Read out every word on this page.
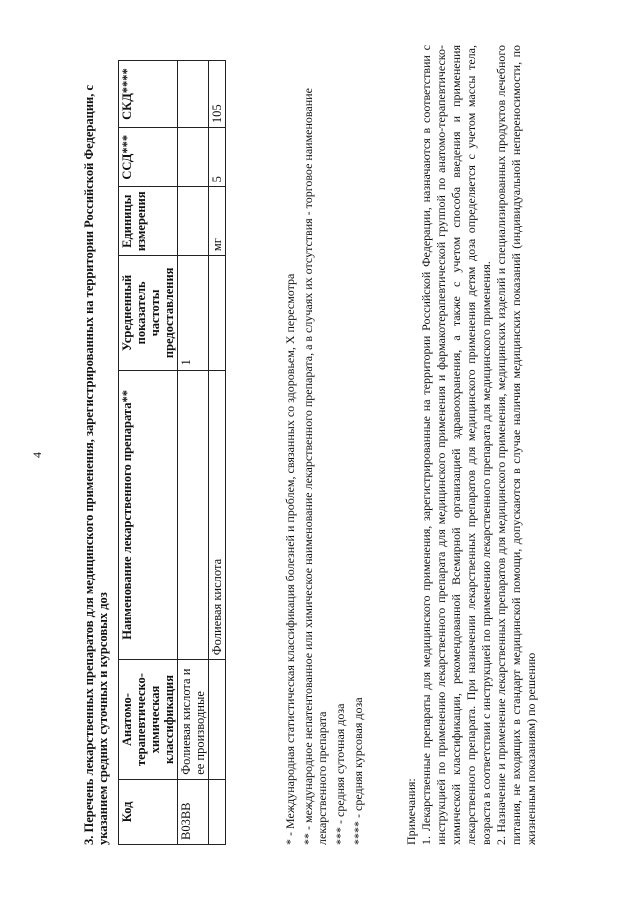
4	3. Перечень лекарственных препаратов для медицинского применения, зарегистрированных на территории Российской Федерации, с указанием средних суточных и курсовых доз Код	Анатомо-терапевтическо-химическая классификация	Наименование лекарственного препарата**	Усредненный показатель частоты предоставления	Единицы измерения	ССД***	СКД****
B03BB	Фолиевая кислота и ее производные		1			
		Фолиевая кислота		мг	5	105
* - Международная статистическая классификация болезней и проблем, связанных со здоровьем, X пересмотра ** - международное непатентованное или химическое наименование лекарственного препарата, а в случаях их отсутствия - торговое наименование лекарственного препарата *** - средняя суточная доза **** - средняя курсовая доза	Примечания: 1. Лекарственные препараты для медицинского применения, зарегистрированные на территории Российской Федерации, назначаются в соответствии с инструкцией по применению лекарственного препарата для медицинского применения и фармакотерапевтической группой по анатомо-терапевтическо-химической классификации, рекомендованной Всемирной организацией здравоохранения, а также с учетом способа введения и применения лекарственного препарата. При назначении лекарственных препаратов для медицинского применения детям доза определяется с учетом массы тела, возраста в соответствии с инструкцией по применению лекарственного препарата для медицинского применения. 2. Назначение и применение лекарственных препаратов для медицинского применения, медицинских изделий и специализированных продуктов лечебного питания, не входящих в стандарт медицинской помощи, допускаются в случае наличия медицинских показаний (индивидуальной непереносимости, по жизненным показаниям) по решению
